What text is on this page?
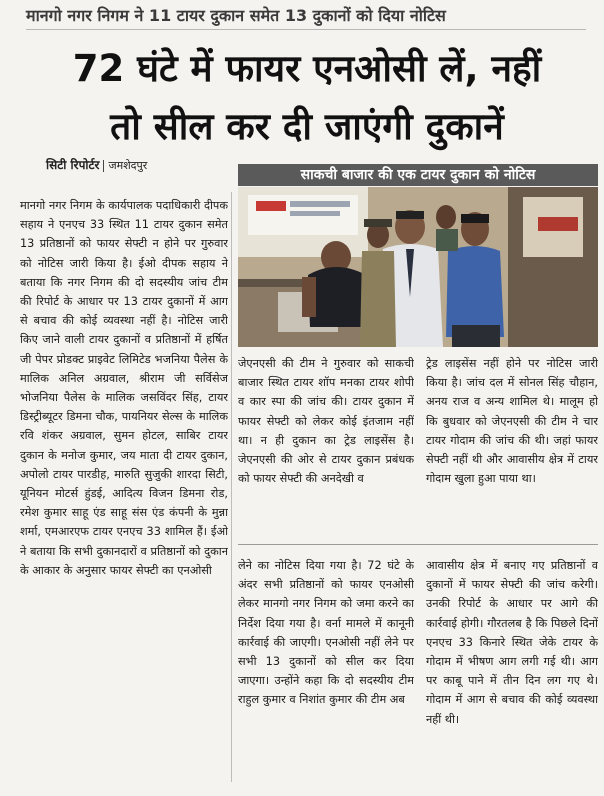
मानगो नगर निगम ने 11 टायर दुकान समेत 13 दुकानों को दिया नोटिस
72 घंटे में फायर एनओसी लें, नहीं
तो सील कर दी जाएंगी दुकानें
सिटी रिपोर्टर जमशेदपुर
साकची बाजार की एक टायर दुकान को नोटिस
मानगो नगर निगम के कार्यपालक पदाधिकारी दीपक सहाय ने एनएच 33 स्थित 11 टायर दुकान समेत 13 प्रतिष्ठानों को फायर सेफ्टी न होने पर गुरुवार को नोटिस जारी किया है। ईओ दीपक सहाय ने बताया कि नगर निगम की दो सदस्यीय जांच टीम की रिपोर्ट के आधार पर 13 टायर दुकानों में आग से बचाव की कोई व्यवस्था नहीं है। नोटिस जारी किए जाने वाली टायर दुकानों व प्रतिष्ठानों में हर्षित जी पेपर प्रोडक्ट प्राइवेट लिमिटेड भजनिया पैलेस के मालिक अनिल अग्रवाल, श्रीराम जी सर्विसेज भोजनिया पैलेस के मालिक जसविंदर सिंह, टायर डिस्ट्रीब्यूटर डिमना चौक, पायनियर सेल्स के मालिक रवि शंकर अग्रवाल, सुमन होटल, साबिर टायर दुकान के मनोज कुमार, जय माता दी टायर दुकान, अपोलो टायर पारडीह, मारुति सुजुकी शारदा सिटी, यूनियन मोटर्स हुंडई, आदित्य विजन डिमना रोड, रमेश कुमार साहू एंड साहू संस एंड कंपनी के मुन्ना शर्मा, एमआरएफ टायर एनएच 33 शामिल हैं। ईओ ने बताया कि सभी दुकानदारों व प्रतिष्ठानों को दुकान के आकार के अनुसार फायर सेफ्टी का एनओसी
जेएनएसी की टीम ने गुरुवार को साकची बाजार स्थित टायर शॉप मनका टायर शोपी व कार स्पा की जांच की। टायर दुकान में फायर सेफ्टी को लेकर कोई इंतजाम नहीं था। न ही दुकान का ट्रेड लाइसेंस है। जेएनएसी की ओर से टायर दुकान प्रबंधक को फायर सेफ्टी की अनदेखी व
ट्रेड लाइसेंस नहीं होने पर नोटिस जारी किया है। जांच दल में सोनल सिंह चौहान, अनय राज व अन्य शामिल थे। मालूम हो कि बुधवार को जेएनएसी की टीम ने चार टायर गोदाम की जांच की थी। जहां फायर सेफ्टी नहीं थी और आवासीय क्षेत्र में टायर गोदाम खुला हुआ पाया था।
लेने का नोटिस दिया गया है। 72 घंटे के अंदर सभी प्रतिष्ठानों को फायर एनओसी लेकर मानगो नगर निगम को जमा करने का निर्देश दिया गया है। वर्ना मामले में कानूनी कार्रवाई की जाएगी। एनओसी नहीं लेने पर सभी 13 दुकानों को सील कर दिया जाएगा। उन्होंने कहा कि दो सदस्यीय टीम राहुल कुमार व निशांत कुमार की टीम अब
आवासीय क्षेत्र में बनाए गए प्रतिष्ठानों व दुकानों में फायर सेफ्टी की जांच करेगी। उनकी रिपोर्ट के आधार पर आगे की कार्रवाई होगी। गौरतलब है कि पिछले दिनों एनएच 33 किनारे स्थित जेके टायर के गोदाम में भीषण आग लगी गई थी। आग पर काबू पाने में तीन दिन लग गए थे। गोदाम में आग से बचाव की कोई व्यवस्था नहीं थी।
